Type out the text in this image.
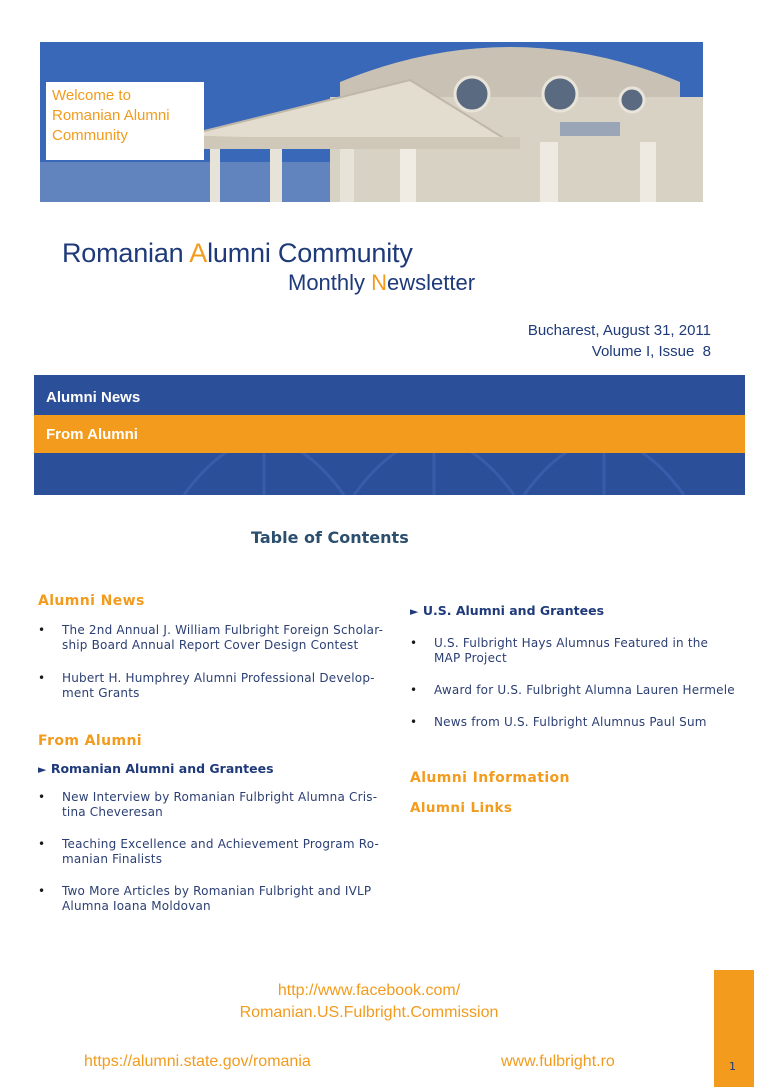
Welcome to
Romanian Alumni
Community
Romanian Alumni Community
Monthly Newsletter
Bucharest, August 31, 2011
Volume I, Issue  8
Alumni News
From Alumni
Table of Contents
Alumni News
• The 2nd Annual J. William Fulbright Foreign Scholar-
ship Board Annual Report Cover Design Contest
• Hubert H. Humphrey Alumni Professional Develop-
ment Grants
From Alumni
► Romanian Alumni and Grantees
• New Interview by Romanian Fulbright Alumna Cris-
tina Cheveresan
• Teaching Excellence and Achievement Program Ro-
manian Finalists
• Two More Articles by Romanian Fulbright and IVLP
Alumna Ioana Moldovan
► U.S. Alumni and Grantees
• U.S. Fulbright Hays Alumnus Featured in the
MAP Project
• Award for U.S. Fulbright Alumna Lauren Hermele
• News from U.S. Fulbright Alumnus Paul Sum
Alumni Information
Alumni Links
http://www.facebook.com/
Romanian.US.Fulbright.Commission
https://alumni.state.gov/romania	www.fulbright.ro	1
